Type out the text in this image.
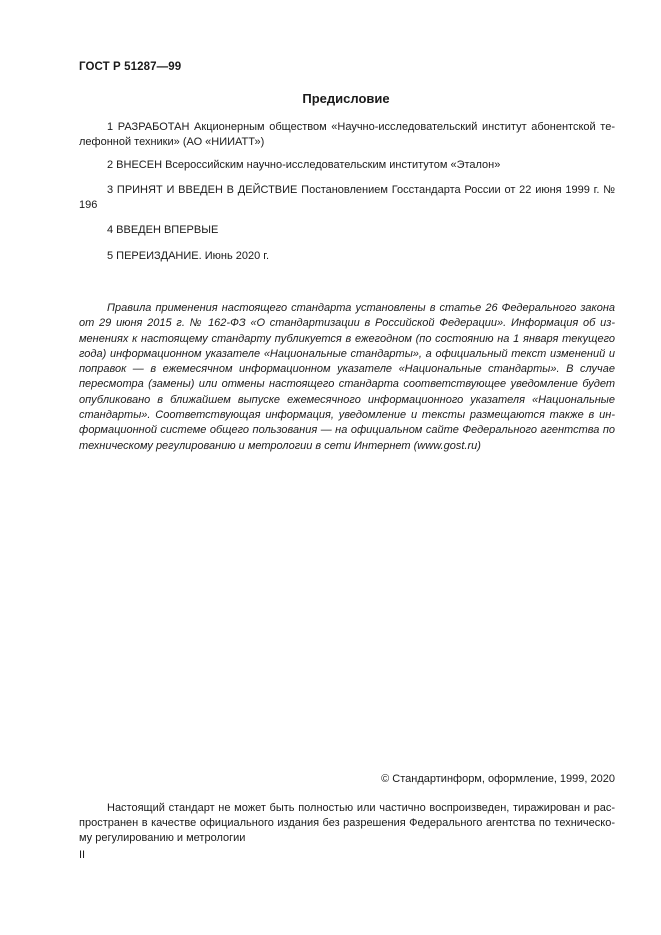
ГОСТ Р 51287—99
Предисловие

1 РАЗРАБОТАН Акционерным обществом «Научно-исследовательский институт абонентской телефонной техники» (АО «НИИАТТ»)

2 ВНЕСЕН Всероссийским научно-исследовательским институтом «Эталон»

3 ПРИНЯТ И ВВЕДЕН В ДЕЙСТВИЕ Постановлением Госстандарта России от 22 июня 1999 г. № 196

4 ВВЕДЕН ВПЕРВЫЕ

5 ПЕРЕИЗДАНИЕ. Июнь 2020 г.

Правила применения настоящего стандарта установлены в статье 26 Федерального закона от 29 июня 2015 г. № 162-ФЗ «О стандартизации в Российской Федерации». Информация об изменениях к настоящему стандарту публикуется в ежегодном (по состоянию на 1 января текущего года) информационном указателе «Национальные стандарты», а официальный текст изменений и поправок — в ежемесячном информационном указателе «Национальные стандарты». В случае пересмотра (замены) или отмены настоящего стандарта соответствующее уведомление будет опубликовано в ближайшем выпуске ежемесячного информационного указателя «Национальные стандарты». Соответствующая информация, уведомление и тексты размещаются также в информационной системе общего пользования — на официальном сайте Федерального агентства по техническому регулированию и метрологии в сети Интернет (www.gost.ru)

© Стандартинформ, оформление, 1999, 2020

Настоящий стандарт не может быть полностью или частично воспроизведен, тиражирован и распространен в качестве официального издания без разрешения Федерального агентства по техническому регулированию и метрологии

II
